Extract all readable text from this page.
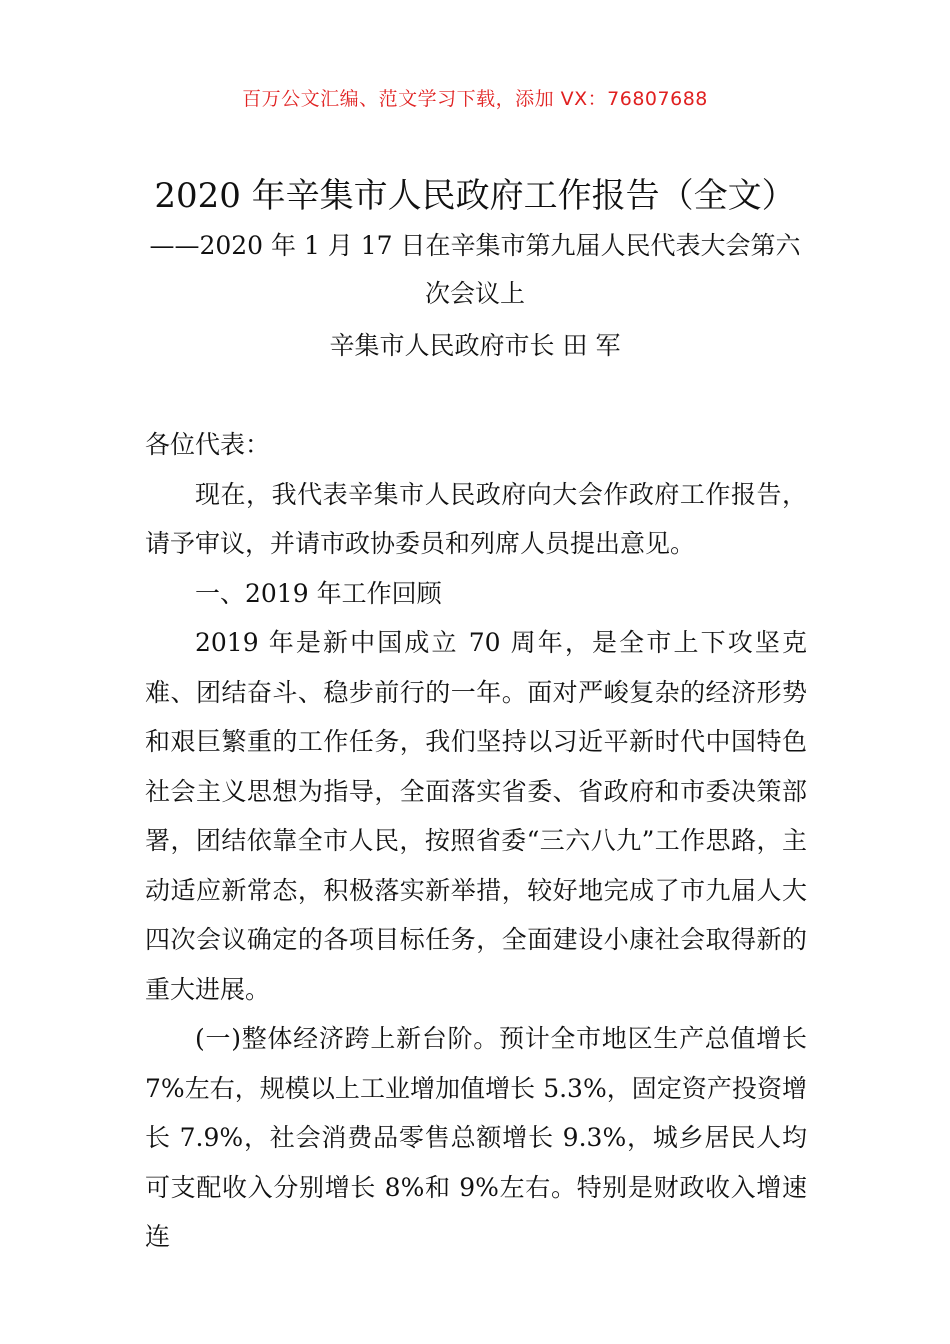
百万公文汇编、范文学习下载，添加 VX：76807688
2020 年辛集市人民政府工作报告（全文）
——2020 年 1 月 17 日在辛集市第九届人民代表大会第六次会议上
辛集市人民政府市长 田 军

各位代表：

现在，我代表辛集市人民政府向大会作政府工作报告，请予审议，并请市政协委员和列席人员提出意见。

一、2019 年工作回顾

2019 年是新中国成立 70 周年，是全市上下攻坚克难、团结奋斗、稳步前行的一年。面对严峻复杂的经济形势和艰巨繁重的工作任务，我们坚持以习近平新时代中国特色社会主义思想为指导，全面落实省委、省政府和市委决策部署，团结依靠全市人民，按照省委“三六八九”工作思路，主动适应新常态，积极落实新举措，较好地完成了市九届人大四次会议确定的各项目标任务，全面建设小康社会取得新的重大进展。

(一)整体经济跨上新台阶。预计全市地区生产总值增长 7%左右，规模以上工业增加值增长 5.3%，固定资产投资增长 7.9%，社会消费品零售总额增长 9.3%，城乡居民人均可支配收入分别增长 8%和 9%左右。特别是财政收入增速连
